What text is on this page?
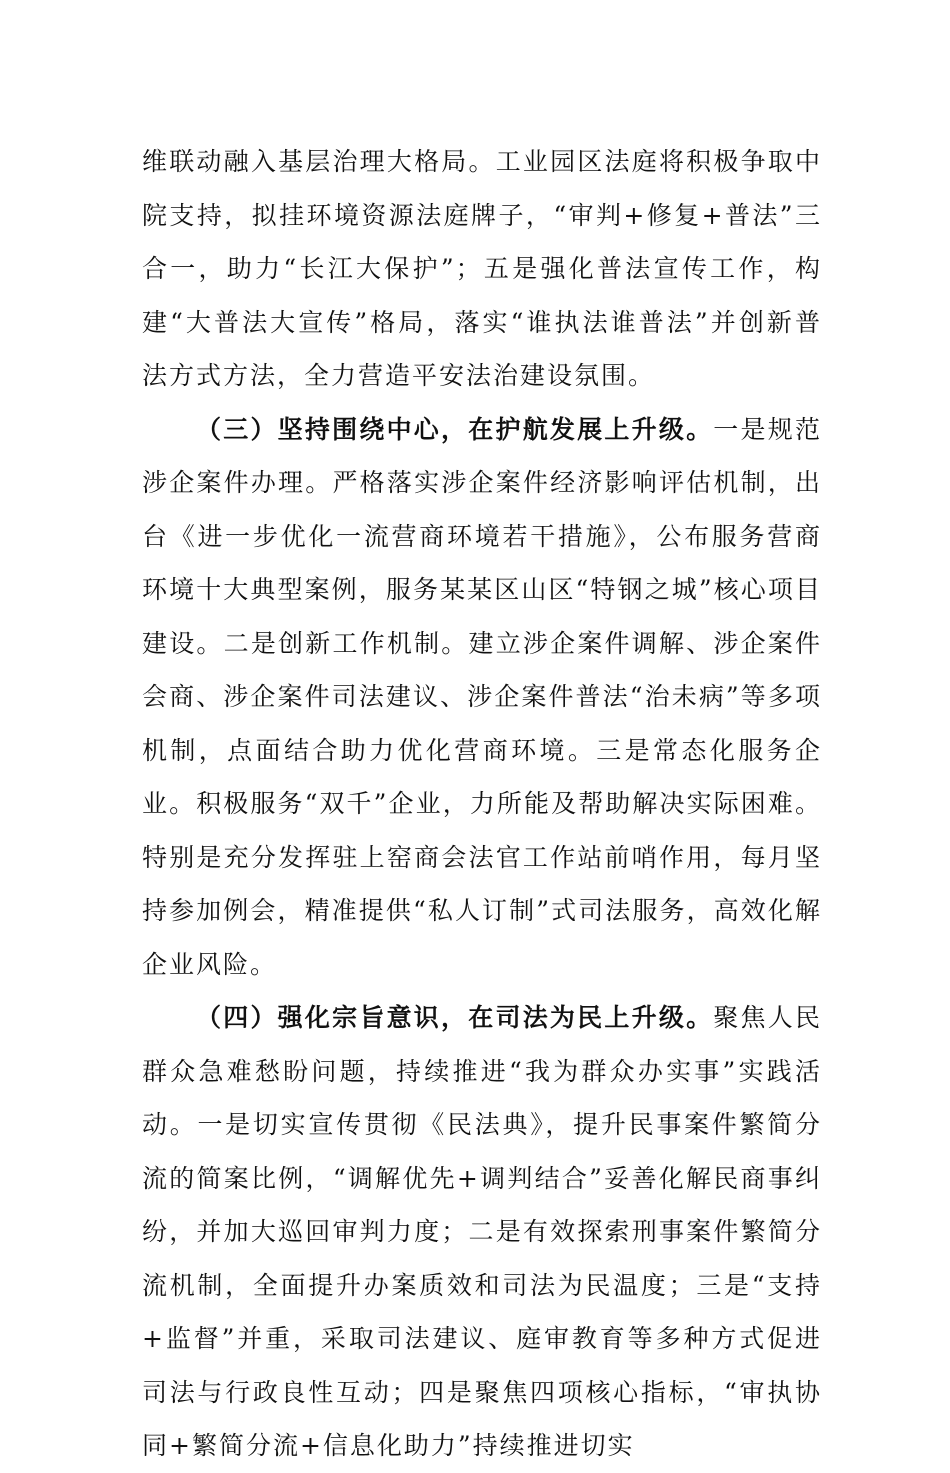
维联动融入基层治理大格局。工业园区法庭将积极争取中院支持，拟挂环境资源法庭牌子，“审判+修复+普法”三合一，助力“长江大保护”；五是强化普法宣传工作，构建“大普法大宣传”格局，落实“谁执法谁普法”并创新普法方式方法，全力营造平安法治建设氛围。

（三）坚持围绕中心，在护航发展上升级。一是规范涉企案件办理。严格落实涉企案件经济影响评估机制，出台《进一步优化一流营商环境若干措施》，公布服务营商环境十大典型案例，服务某某区山区“特钢之城”核心项目建设。二是创新工作机制。建立涉企案件调解、涉企案件会商、涉企案件司法建议、涉企案件普法“治未病”等多项机制，点面结合助力优化营商环境。三是常态化服务企业。积极服务“双千”企业，力所能及帮助解决实际困难。特别是充分发挥驻上窑商会法官工作站前哨作用，每月坚持参加例会，精准提供“私人订制”式司法服务，高效化解企业风险。

（四）强化宗旨意识，在司法为民上升级。聚焦人民群众急难愁盼问题，持续推进“我为群众办实事”实践活动。一是切实宣传贯彻《民法典》，提升民事案件繁简分流的简案比例，“调解优先+调判结合”妥善化解民商事纠纷，并加大巡回审判力度；二是有效探索刑事案件繁简分流机制，全面提升办案质效和司法为民温度；三是“支持+监督”并重，采取司法建议、庭审教育等多种方式促进司法与行政良性互动；四是聚焦四项核心指标，“审执协同+繁简分流+信息化助力”持续推进切实
